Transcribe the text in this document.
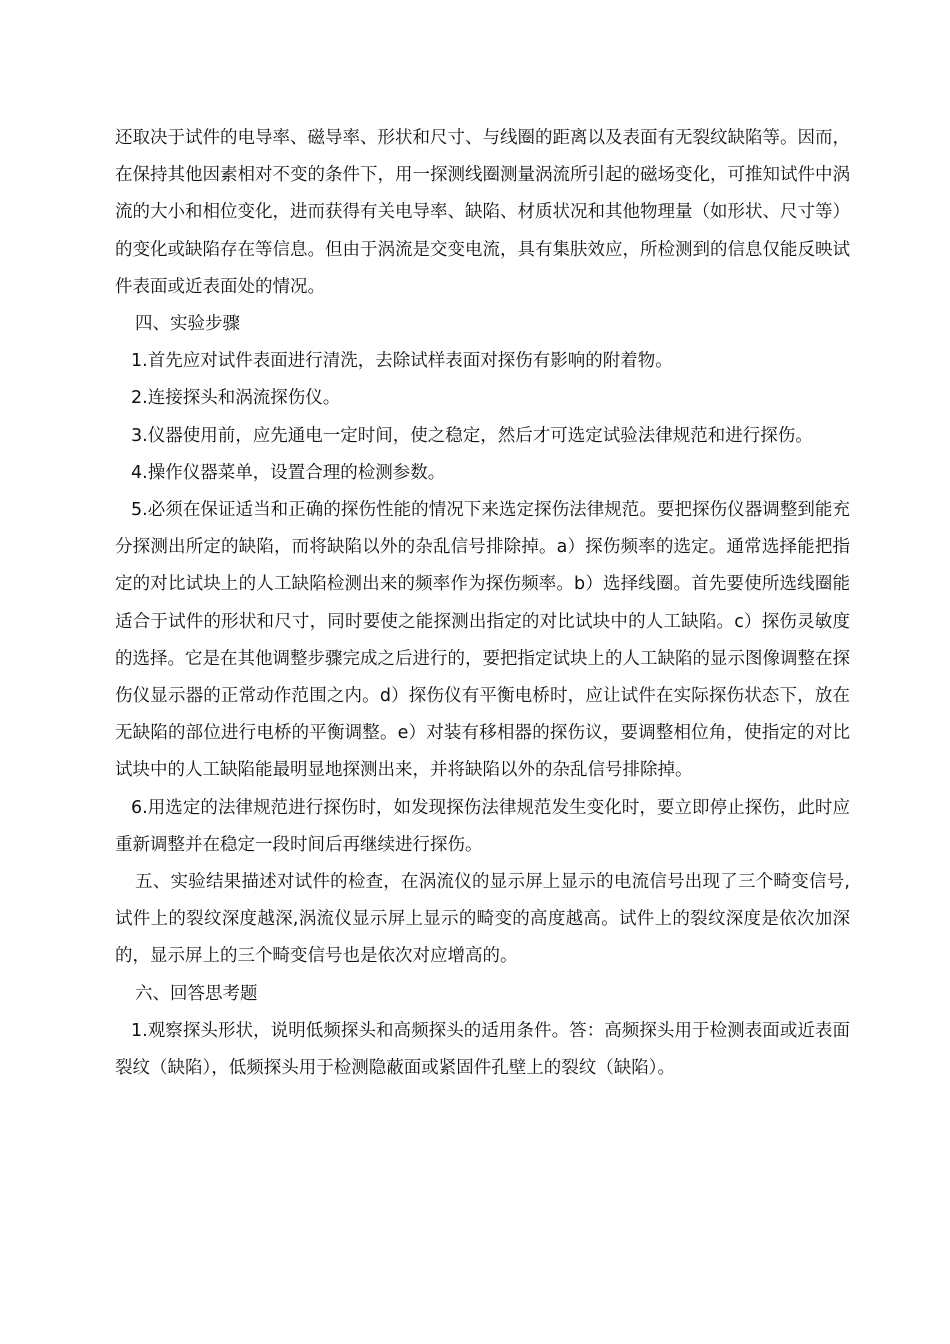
还取决于试件的电导率、磁导率、形状和尺寸、与线圈的距离以及表面有无裂纹缺陷等。因而，在保持其他因素相对不变的条件下，用一探测线圈测量涡流所引起的磁场变化，可推知试件中涡流的大小和相位变化，进而获得有关电导率、缺陷、材质状况和其他物理量（如形状、尺寸等）的变化或缺陷存在等信息。但由于涡流是交变电流，具有集肤效应，所检测到的信息仅能反映试件表面或近表面处的情况。

四、实验步骤

1.首先应对试件表面进行清洗，去除试样表面对探伤有影响的附着物。

2.连接探头和涡流探伤仪。

3.仪器使用前，应先通电一定时间，使之稳定，然后才可选定试验法律规范和进行探伤。

4.操作仪器菜单，设置合理的检测参数。

5.必须在保证适当和正确的探伤性能的情况下来选定探伤法律规范。要把探伤仪器调整到能充分探测出所定的缺陷，而将缺陷以外的杂乱信号排除掉。a）探伤频率的选定。通常选择能把指定的对比试块上的人工缺陷检测出来的频率作为探伤频率。b）选择线圈。首先要使所选线圈能适合于试件的形状和尺寸，同时要使之能探测出指定的对比试块中的人工缺陷。c）探伤灵敏度的选择。它是在其他调整步骤完成之后进行的，要把指定试块上的人工缺陷的显示图像调整在探伤仪显示器的正常动作范围之内。d）探伤仪有平衡电桥时，应让试件在实际探伤状态下，放在无缺陷的部位进行电桥的平衡调整。e）对装有移相器的探伤议，要调整相位角，使指定的对比试块中的人工缺陷能最明显地探测出来，并将缺陷以外的杂乱信号排除掉。

6.用选定的法律规范进行探伤时，如发现探伤法律规范发生变化时，要立即停止探伤，此时应重新调整并在稳定一段时间后再继续进行探伤。

五、实验结果描述对试件的检查，在涡流仪的显示屏上显示的电流信号出现了三个畸变信号,试件上的裂纹深度越深,涡流仪显示屏上显示的畸变的高度越高。试件上的裂纹深度是依次加深的，显示屏上的三个畸变信号也是依次对应增高的。

六、回答思考题

1.观察探头形状，说明低频探头和高频探头的适用条件。答：高频探头用于检测表面或近表面裂纹（缺陷），低频探头用于检测隐蔽面或紧固件孔壁上的裂纹（缺陷）。
